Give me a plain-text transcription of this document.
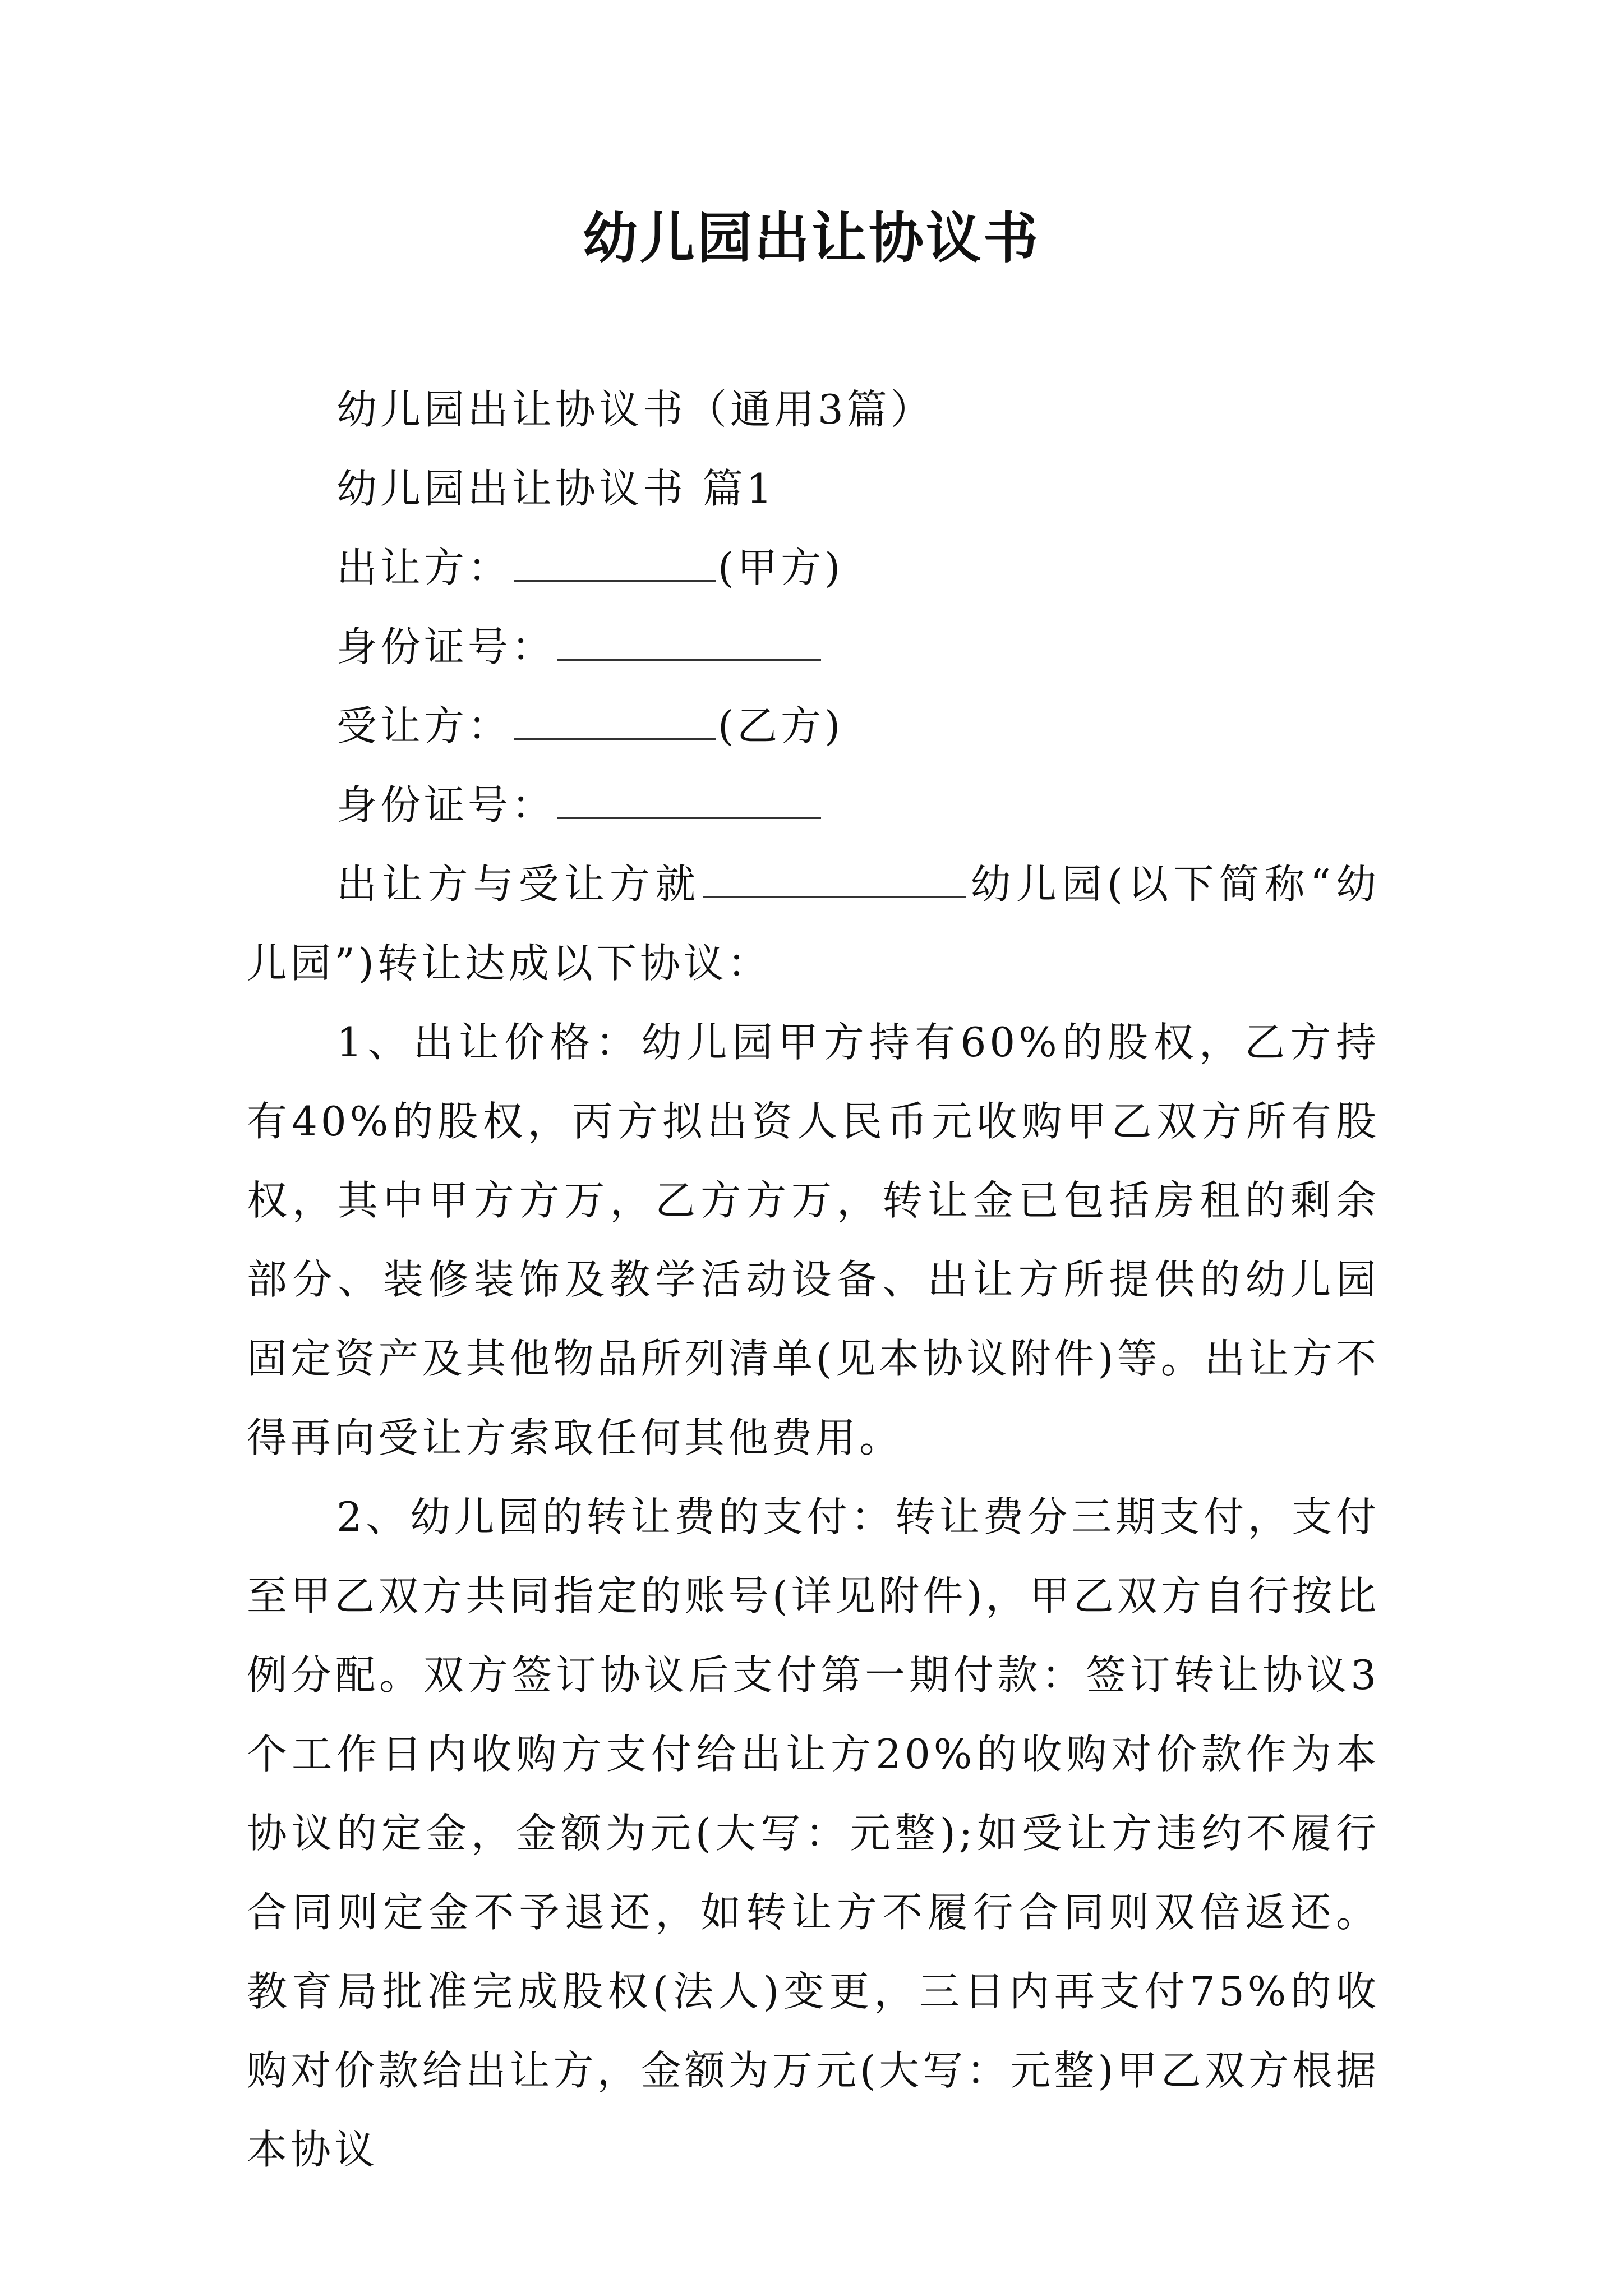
幼儿园出让协议书

幼儿园出让协议书（通用3篇）

幼儿园出让协议书 篇1

出让方：	(甲方)

身份证号：

受让方：	(乙方)

身份证号：

出让方与受让方就	幼儿园(以下简称“幼儿园”)转让达成以下协议：

1、出让价格：幼儿园甲方持有60%的股权，乙方持有40%的股权，丙方拟出资人民币元收购甲乙双方所有股权，其中甲方方万，乙方方万，转让金已包括房租的剩余部分、装修装饰及教学活动设备、出让方所提供的幼儿园固定资产及其他物品所列清单(见本协议附件)等。出让方不得再向受让方索取任何其他费用。

2、幼儿园的转让费的支付：转让费分三期支付，支付至甲乙双方共同指定的账号(详见附件)，甲乙双方自行按比例分配。双方签订协议后支付第一期付款：签订转让协议3个工作日内收购方支付给出让方20%的收购对价款作为本协议的定金，金额为元(大写：元整);如受让方违约不履行合同则定金不予退还，如转让方不履行合同则双倍返还。教育局批准完成股权(法人)变更，三日内再支付75%的收购对价款给出让方，金额为万元(大写：元整)甲乙双方根据本协议
